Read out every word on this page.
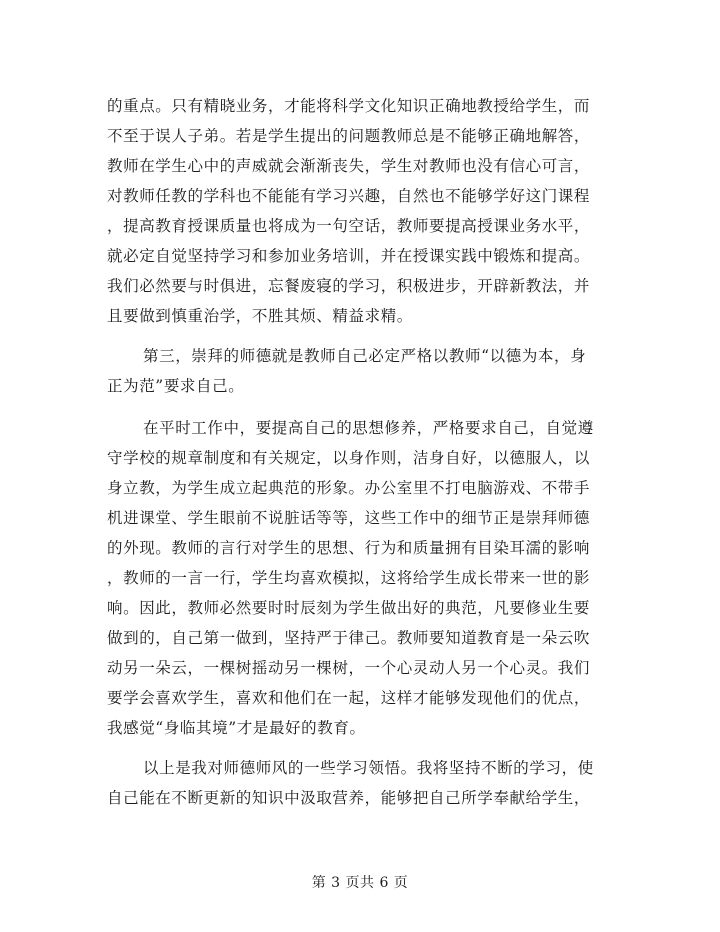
的重点。只有精晓业务，才能将科学文化知识正确地教授给学生，而
不至于误人子弟。若是学生提出的问题教师总是不能够正确地解答，
教师在学生心中的声威就会渐渐丧失，学生对教师也没有信心可言，
对教师任教的学科也不能能有学习兴趣，自然也不能够学好这门课程
，提高教育授课质量也将成为一句空话，教师要提高授课业务水平，
就必定自觉坚持学习和参加业务培训，并在授课实践中锻炼和提高。
我们必然要与时俱进，忘餐废寝的学习，积极进步，开辟新教法，并
且要做到慎重治学，不胜其烦、精益求精。
第三，崇拜的师德就是教师自己必定严格以教师“以德为本，身
正为范”要求自己。
在平时工作中，要提高自己的思想修养，严格要求自己，自觉遵
守学校的规章制度和有关规定，以身作则，洁身自好，以德服人，以
身立教，为学生成立起典范的形象。办公室里不打电脑游戏、不带手
机进课堂、学生眼前不说脏话等等，这些工作中的细节正是崇拜师德
的外现。教师的言行对学生的思想、行为和质量拥有目染耳濡的影响
，教师的一言一行，学生均喜欢模拟，这将给学生成长带来一世的影
响。因此，教师必然要时时辰刻为学生做出好的典范，凡要修业生要
做到的，自己第一做到，坚持严于律己。教师要知道教育是一朵云吹
动另一朵云，一棵树摇动另一棵树，一个心灵动人另一个心灵。我们
要学会喜欢学生，喜欢和他们在一起，这样才能够发现他们的优点，
我感觉“身临其境”才是最好的教育。
以上是我对师德师风的一些学习领悟。我将坚持不断的学习，使
自己能在不断更新的知识中汲取营养，能够把自己所学奉献给学生，
第 3 页共 6 页
